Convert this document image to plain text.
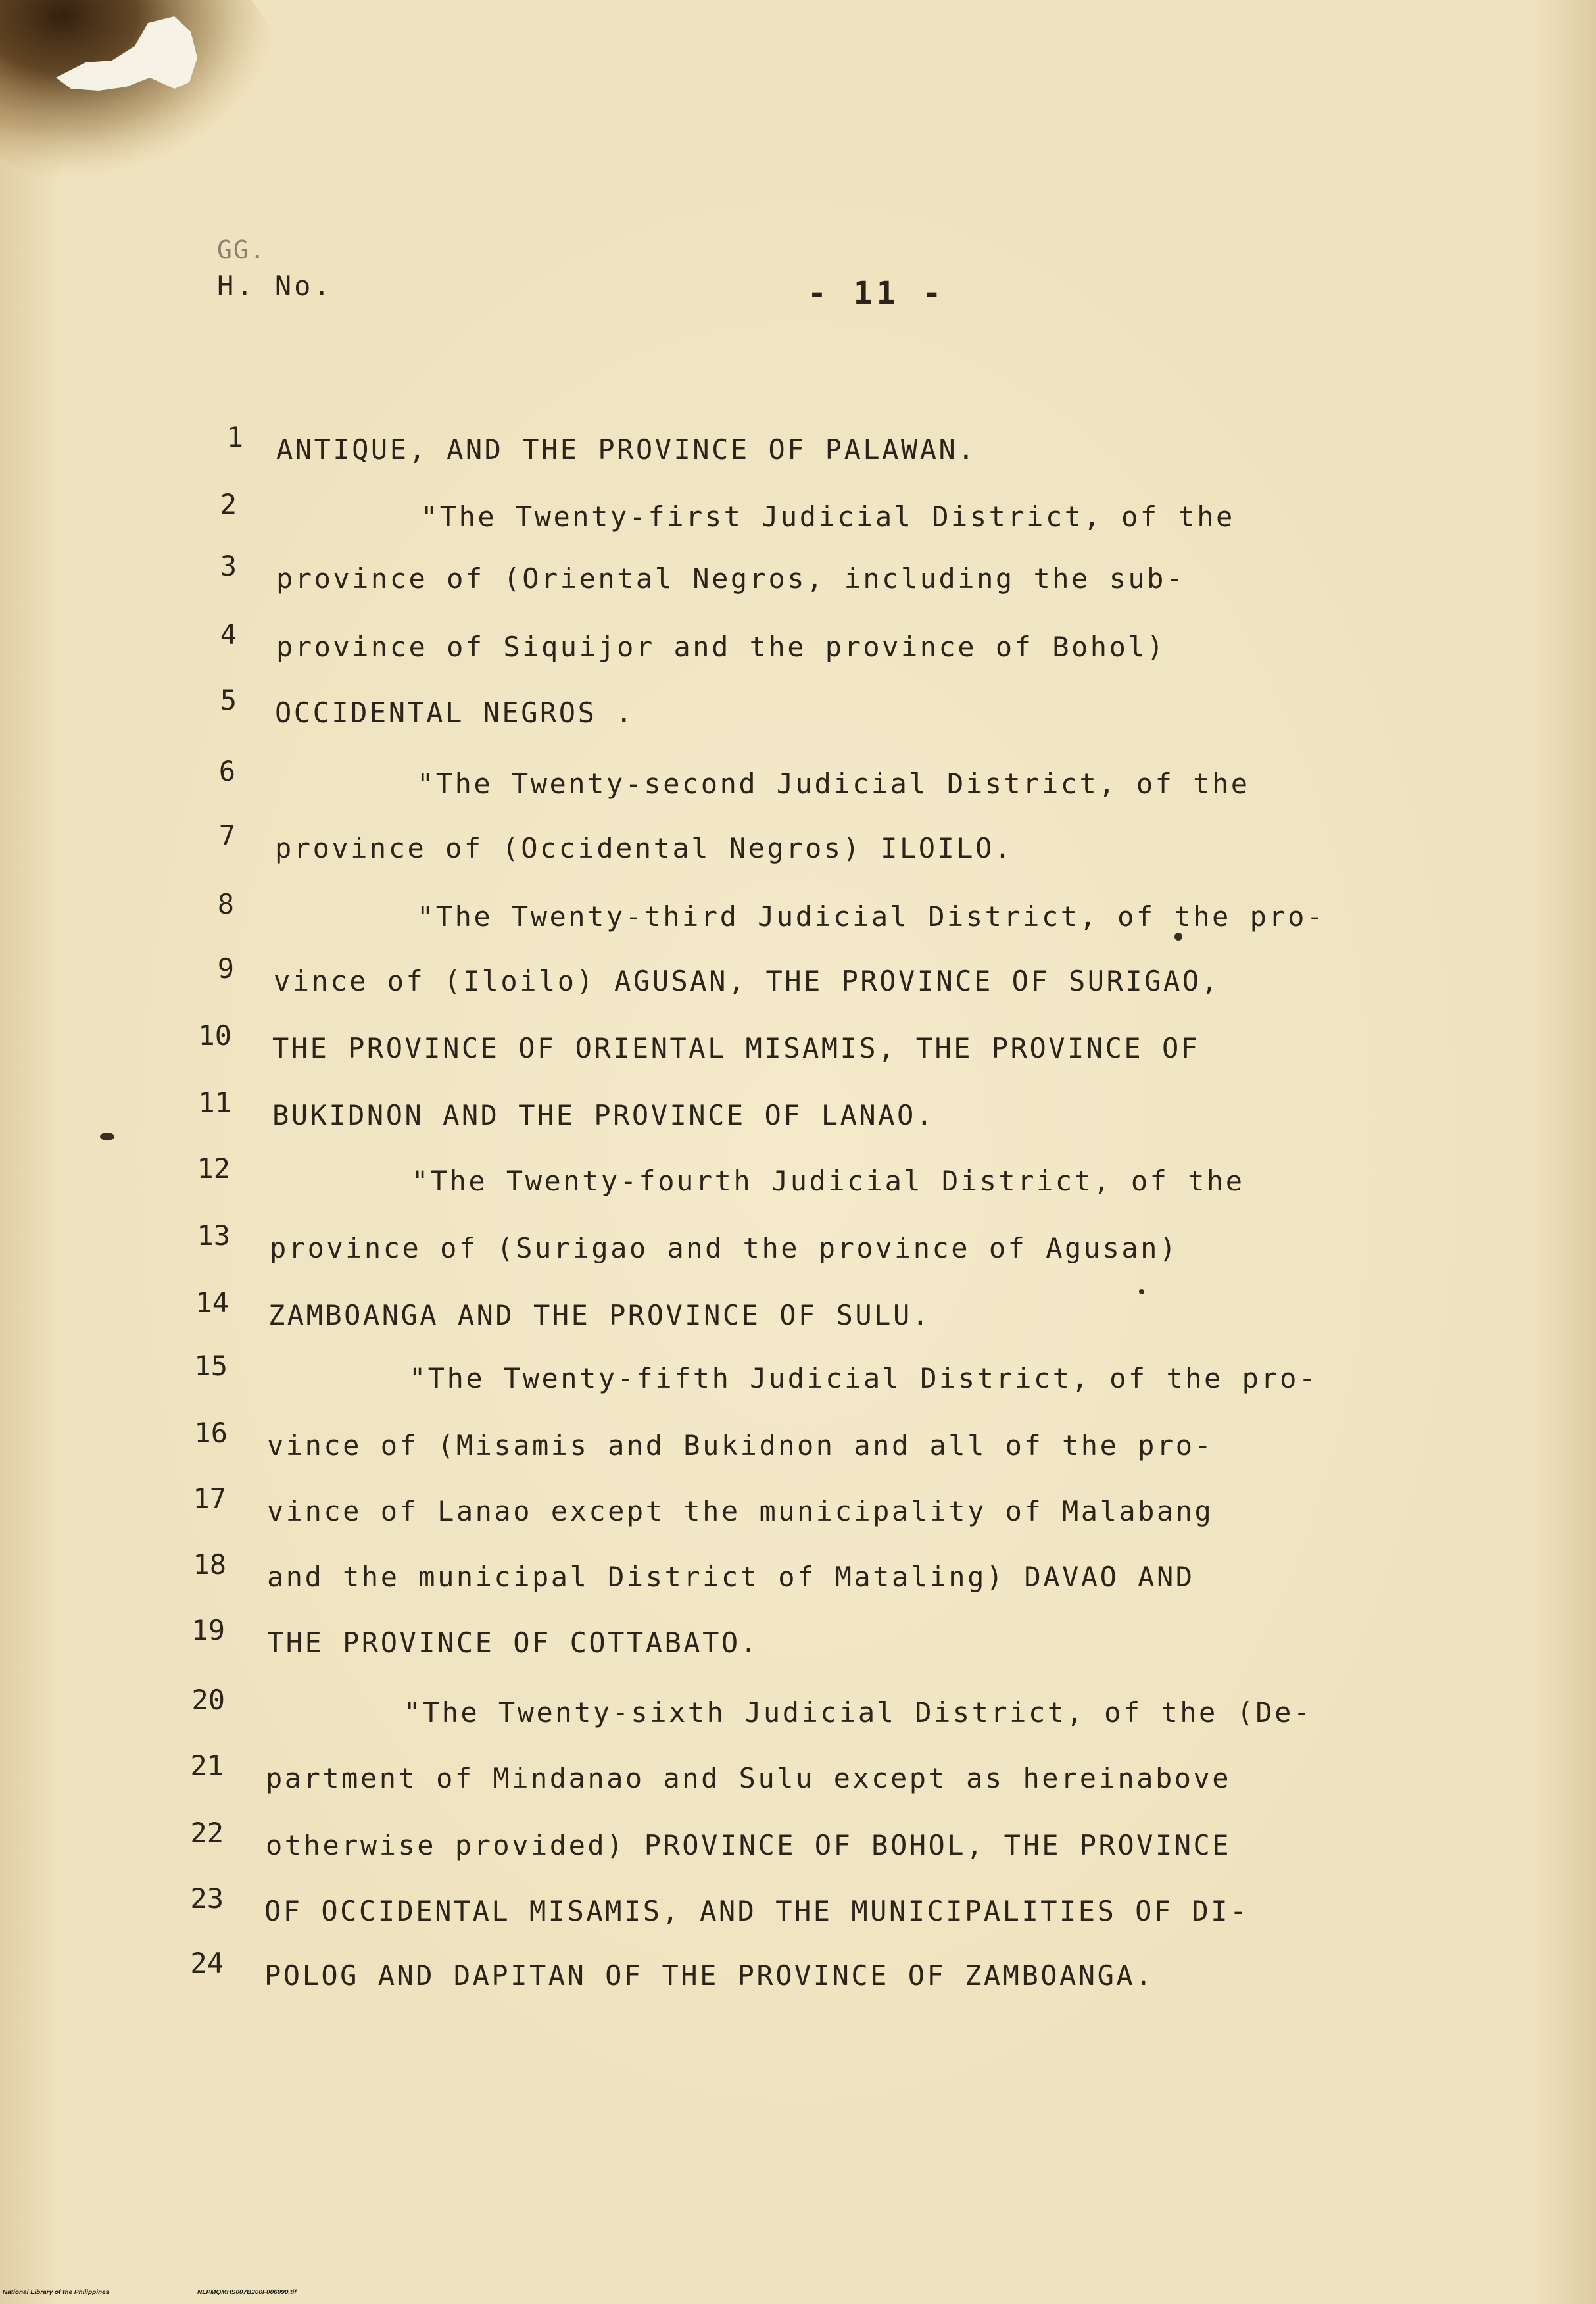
GG.
H. No.	- 11 -

1

ANTIQUE, AND THE PROVINCE OF PALAWAN.

2

	"The Twenty-first Judicial District, of the

3

province of (Oriental Negros, including the sub-

4

province of Siquijor and the province of Bohol)

5

OCCIDENTAL NEGROS .

6

	"The Twenty-second Judicial District, of the

7

province of (Occidental Negros) ILOILO.

8

	"The Twenty-third Judicial District, of the pro-

9

vince of (Iloilo) AGUSAN, THE PROVINCE OF SURIGAO,

10

THE PROVINCE OF ORIENTAL MISAMIS, THE PROVINCE OF

11

BUKIDNON AND THE PROVINCE OF LANAO.

12

	"The Twenty-fourth Judicial District, of the

13

province of (Surigao and the province of Agusan)

14

ZAMBOANGA AND THE PROVINCE OF SULU.

15

	"The Twenty-fifth Judicial District, of the pro-

16

vince of (Misamis and Bukidnon and all of the pro-

17

vince of Lanao except the municipality of Malabang

18

and the municipal District of Mataling) DAVAO AND

19

THE PROVINCE OF COTTABATO.

20

	"The Twenty-sixth Judicial District, of the (De-

21

partment of Mindanao and Sulu except as hereinabove

22

otherwise provided) PROVINCE OF BOHOL, THE PROVINCE

23

OF OCCIDENTAL MISAMIS, AND THE MUNICIPALITIES OF DI-

24

POLOG AND DAPITAN OF THE PROVINCE OF ZAMBOANGA.

National Library of the Philippines	NLPMQMHS007B200F006090.tif
